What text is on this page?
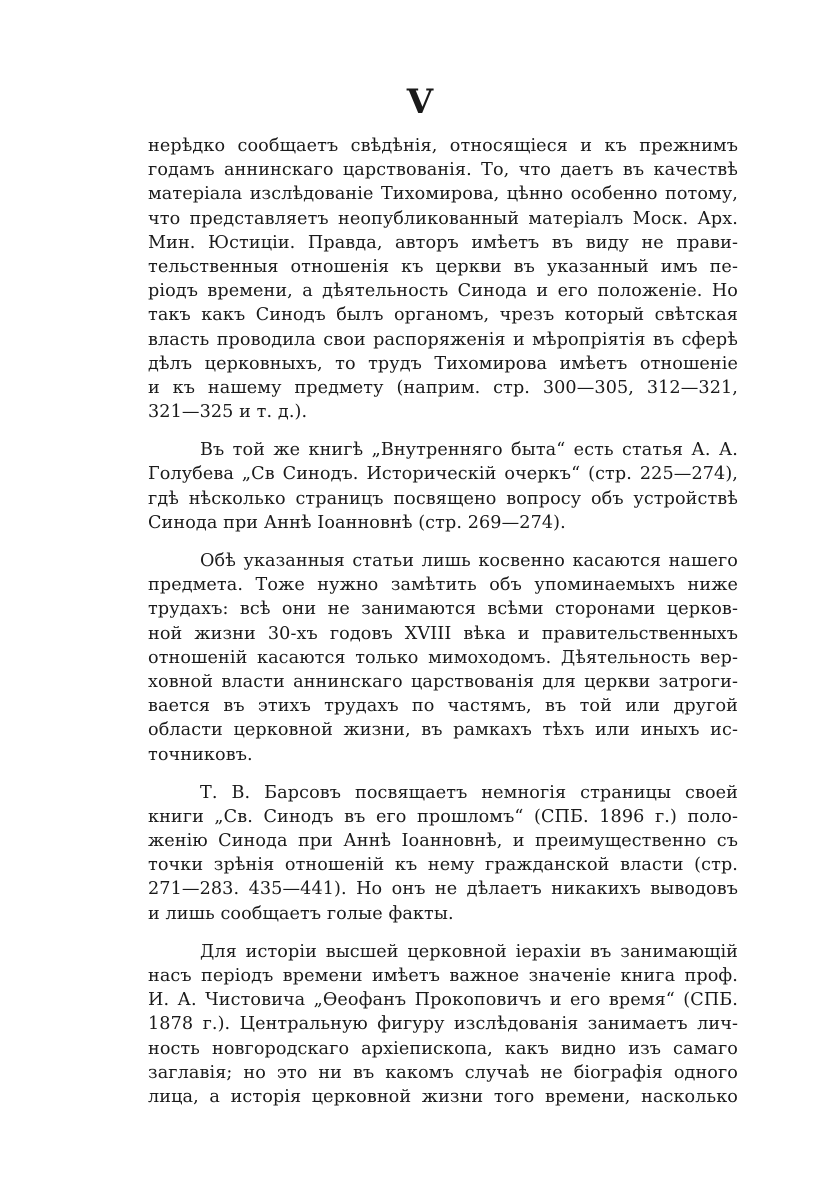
V
нерѣдко сообщаетъ свѣдѣнія, относящіеся и къ прежнимъ
годамъ аннинскаго царствованія. То, что даетъ въ качествѣ
матеріала изслѣдованіе Тихомирова, цѣнно особенно потому,
что представляетъ неопубликованный матеріалъ Моск. Арх.
Мин. Юстиціи. Правда, авторъ имѣетъ въ виду не прави-
тельственныя отношенія къ церкви въ указанный имъ пе-
ріодъ времени, а дѣятельность Синода и его положеніе. Но
такъ какъ Синодъ былъ органомъ, чрезъ который свѣтская
власть проводила свои распоряженія и мѣропріятія въ сферѣ
дѣлъ церковныхъ, то трудъ Тихомирова имѣетъ отношеніе
и къ нашему предмету (наприм. стр. 300—305, 312—321,
321—325 и т. д.).
Въ той же книгѣ „Внутренняго быта“ есть статья А. А.
Голубева „Св Синодъ. Историческій очеркъ“ (стр. 225—274),
гдѣ нѣсколько страницъ посвящено вопросу объ устройствѣ
Синода при Аннѣ Іоанновнѣ (стр. 269—274).
Обѣ указанныя статьи лишь косвенно касаются нашего
предмета. Тоже нужно замѣтить объ упоминаемыхъ ниже
трудахъ: всѣ они не занимаются всѣми сторонами церков-
ной жизни 30-хъ годовъ XVIII вѣка и правительственныхъ
отношеній касаются только мимоходомъ. Дѣятельность вер-
ховной власти аннинскаго царствованія для церкви затроги-
вается въ этихъ трудахъ по частямъ, въ той или другой
области церковной жизни, въ рамкахъ тѣхъ или иныхъ ис-
точниковъ.
Т. В. Барсовъ посвящаетъ немногія страницы своей
книги „Св. Синодъ въ его прошломъ“ (СПБ. 1896 г.) поло-
женію Синода при Аннѣ Іоанновнѣ, и преимущественно съ
точки зрѣнія отношеній къ нему гражданской власти (стр.
271—283. 435—441). Но онъ не дѣлаетъ никакихъ выводовъ
и лишь сообщаетъ голые факты.
Для исторіи высшей церковной іерахіи въ занимающій
насъ періодъ времени имѣетъ важное значеніе книга проф.
И. А. Чистовича „Ѳеофанъ Прокоповичъ и его время“ (СПБ.
1878 г.). Центральную фигуру изслѣдованія занимаетъ лич-
ность новгородскаго архіепископа, какъ видно изъ самаго
заглавія; но это ни въ какомъ случаѣ не біографія одного
лица, а исторія церковной жизни того времени, насколько
